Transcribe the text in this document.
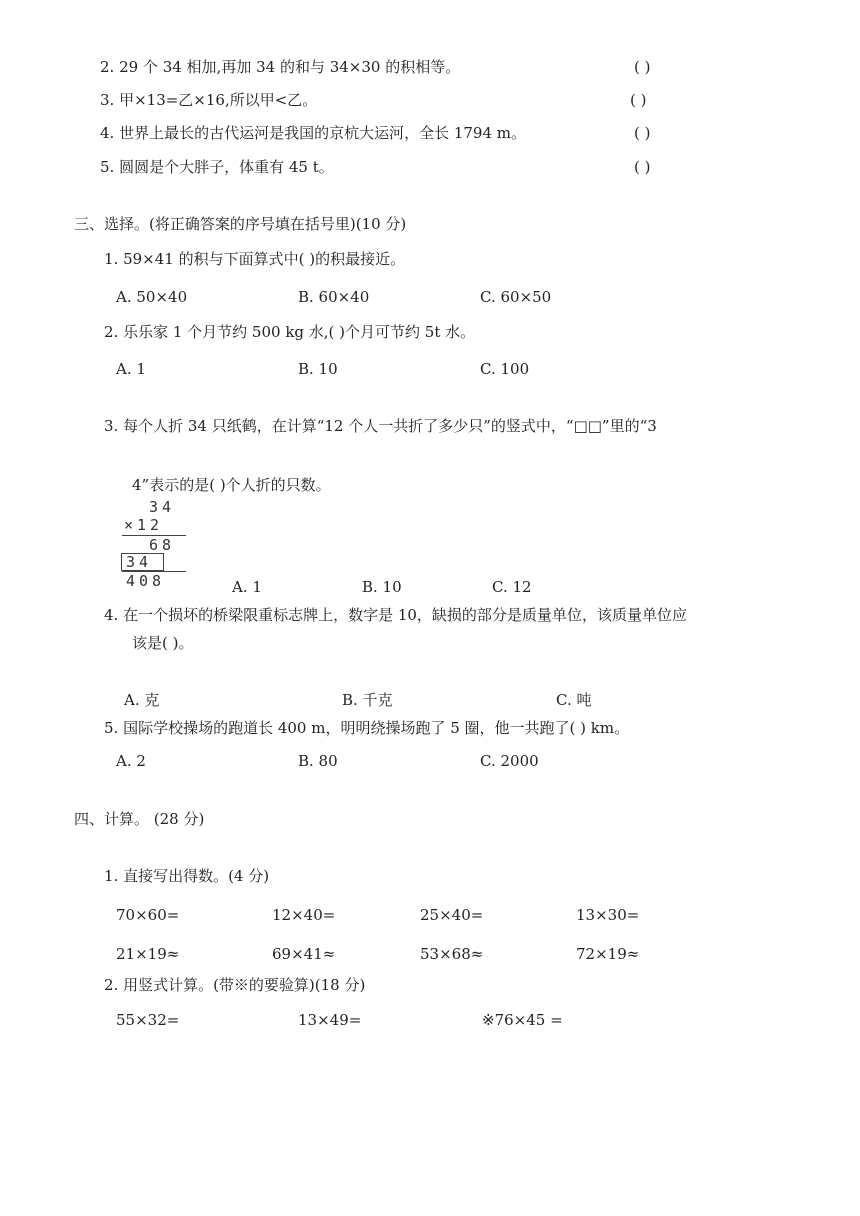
2. 29 个 34 相加,再加 34 的和与 34×30 的积相等。	( )
3. 甲×13=乙×16,所以甲<乙。	( )
4. 世界上最长的古代运河是我国的京杭大运河，全长 1794 m。	( )
5. 圆圆是个大胖子，体重有 45 t。	( )
三、选择。(将正确答案的序号填在括号里)(10 分)
1. 59×41 的积与下面算式中( )的积最接近。
A. 50×40	B. 60×40	C. 60×50
2. 乐乐家 1 个月节约 500 kg 水,( )个月可节约 5t 水。
A. 1	B. 10	C. 100
3. 每个人折 34 只纸鹤，在计算“12 个人一共折了多少只”的竖式中，“□□”里的“3
4”表示的是( )个人折的只数。
34
×12
68
34
408	A. 1	B. 10	C. 12
4. 在一个损坏的桥梁限重标志牌上，数字是 10，缺损的部分是质量单位，该质量单位应
该是( )。
A. 克	B. 千克	C. 吨
5. 国际学校操场的跑道长 400 m，明明绕操场跑了 5 圈，他一共跑了( ) km。
A. 2	B. 80	C. 2000
四、计算。 (28 分)
1. 直接写出得数。(4 分)
70×60=	12×40=	25×40=	13×30=
21×19≈	69×41≈	53×68≈	72×19≈
2. 用竖式计算。(带※的要验算)(18 分)
55×32=	13×49=	※76×45 =
